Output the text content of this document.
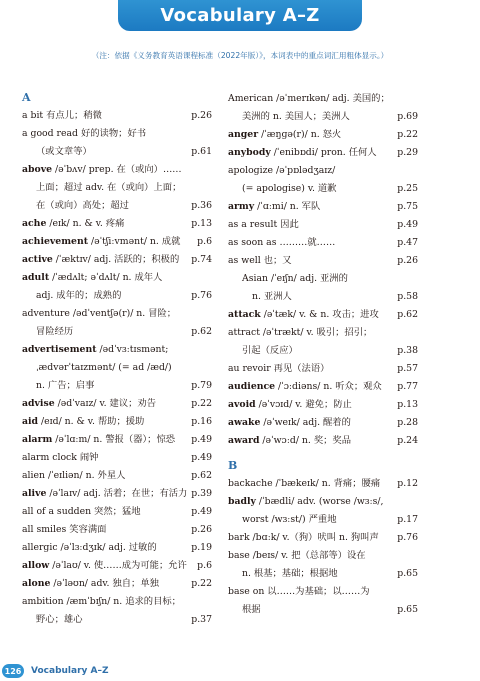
Vocabulary A–Z
（注：依据《义务教育英语课程标准（2022年版）》，本词表中的重点词汇用粗体显示。）
A
a bit 有点儿；稍微	p.26
a good read 好的读物；好书
（或文章等）	p.61
above /əˈbʌv/ prep. 在（或向）……
上面；超过 adv. 在（或向）上面；
在（或向）高处；超过	p.36
ache /eɪk/ n. & v. 疼痛	p.13
achievement /əˈtʃiːvmənt/ n. 成就 p.6
active /ˈæktɪv/ adj. 活跃的；积极的 p.74
adult /ˈædʌlt; əˈdʌlt/ n. 成年人
adj. 成年的；成熟的	p.76
adventure /ədˈventʃə(r)/ n. 冒险；
冒险经历	p.62
advertisement /ədˈvɜːtɪsmənt;
ˌædvərˈtaɪzmənt/ (= ad /æd/)
n. 广告；启事	p.79
advise /ədˈvaɪz/ v. 建议；劝告	p.22
aid /eɪd/ n. & v. 帮助；援助	p.16
alarm /əˈlɑːm/ n. 警报（器）；惊恐 p.49
alarm clock 闹钟	p.49
alien /ˈeɪliən/ n. 外星人	p.62
alive /əˈlaɪv/ adj. 活着；在世；有活力 p.39
all of a sudden 突然；猛地	p.49
all smiles 笑容满面	p.26
allergic /əˈlɜːdʒɪk/ adj. 过敏的	p.19
allow /əˈlaʊ/ v. 使……成为可能；允许 p.6
alone /əˈləʊn/ adv. 独自；单独	p.22
ambition /æmˈbɪʃn/ n. 追求的目标；
野心；雄心	p.37
American /əˈmerɪkən/ adj. 美国的；
美洲的 n. 美国人；美洲人	p.69
anger /ˈæŋɡə(r)/ n. 怒火	p.22
anybody /ˈenibɒdi/ pron. 任何人 p.29
apologize /əˈpɒlədʒaɪz/
(= apologise) v. 道歉	p.25
army /ˈɑːmi/ n. 军队	p.75
as a result 因此	p.49
as soon as ………就……	p.47
as well 也；又	p.26
Asian /ˈeɪʃn/ adj. 亚洲的
n. 亚洲人	p.58
attack /əˈtæk/ v. & n. 攻击；进攻 p.62
attract /əˈtrækt/ v. 吸引；招引；
引起（反应）	p.38
au revoir 再见（法语）	p.57
audience /ˈɔːdiəns/ n. 听众；观众 p.77
avoid /əˈvɔɪd/ v. 避免；防止	p.13
awake /əˈweɪk/ adj. 醒着的	p.28
award /əˈwɔːd/ n. 奖；奖品	p.24
B
backache /ˈbækeɪk/ n. 背痛；腰痛 p.12
badly /ˈbædli/ adv. (worse /wɜːs/,
worst /wɜːst/) 严重地	p.17
bark /bɑːk/ v.（狗）吠叫 n. 狗叫声 p.76
base /beɪs/ v. 把（总部等）设在
n. 根基；基础；根据地	p.65
base on 以……为基础；以……为
根据	p.65
126 Vocabulary A–Z
